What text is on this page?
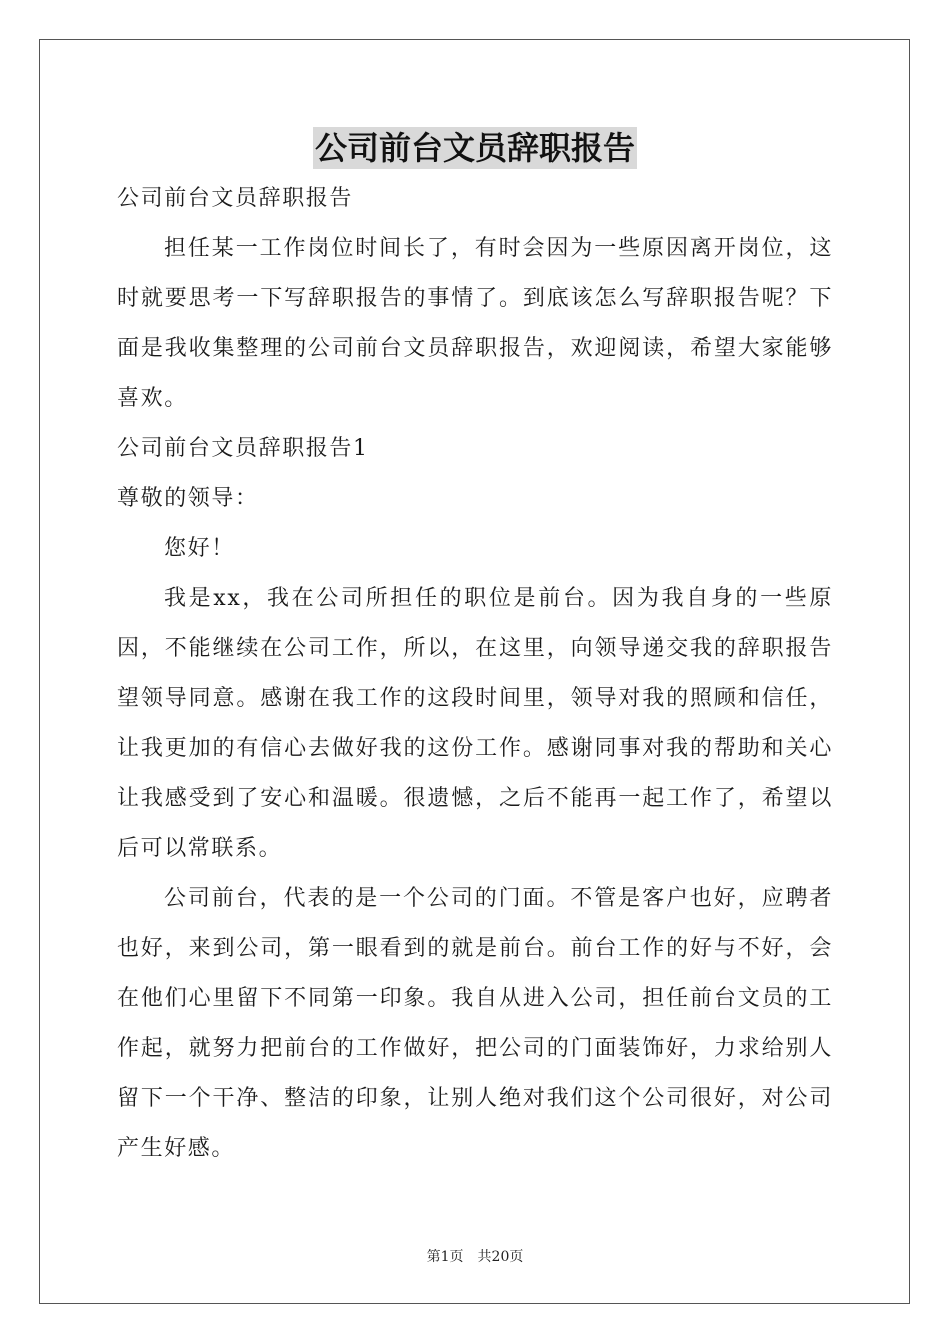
公司前台文员辞职报告

公司前台文员辞职报告

担任某一工作岗位时间长了，有时会因为一些原因离开岗位，这时就要思考一下写辞职报告的事情了。到底该怎么写辞职报告呢？下面是我收集整理的公司前台文员辞职报告，欢迎阅读，希望大家能够喜欢。

公司前台文员辞职报告1

尊敬的领导：

您好！

我是xx，我在公司所担任的职位是前台。因为我自身的一些原因，不能继续在公司工作，所以，在这里，向领导递交我的辞职报告望领导同意。感谢在我工作的这段时间里，领导对我的照顾和信任，让我更加的有信心去做好我的这份工作。感谢同事对我的帮助和关心让我感受到了安心和温暖。很遗憾，之后不能再一起工作了，希望以后可以常联系。

公司前台，代表的是一个公司的门面。不管是客户也好，应聘者也好，来到公司，第一眼看到的就是前台。前台工作的好与不好，会在他们心里留下不同第一印象。我自从进入公司，担任前台文员的工作起，就努力把前台的工作做好，把公司的门面装饰好，力求给别人留下一个干净、整洁的印象，让别人绝对我们这个公司很好，对公司产生好感。

第1页 共20页
